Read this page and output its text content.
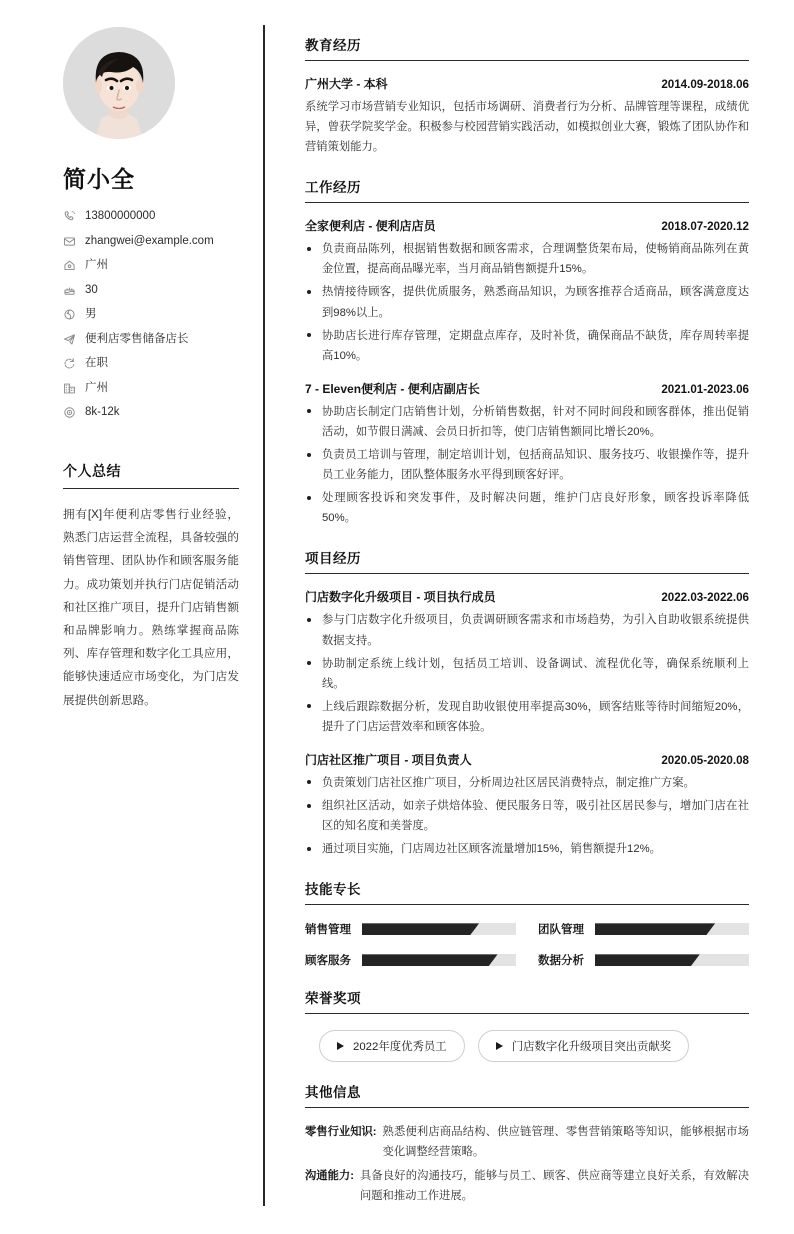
简小全
13800000000
zhangwei@example.com
广州
30
男
便利店零售储备店长
在职
广州
8k-12k
个人总结

拥有[X]年便利店零售行业经验，熟悉门店运营全流程，具备较强的销售管理、团队协作和顾客服务能力。成功策划并执行门店促销活动和社区推广项目，提升门店销售额和品牌影响力。熟练掌握商品陈列、库存管理和数字化工具应用，能够快速适应市场变化，为门店发展提供创新思路。

教育经历
广州大学 - 本科	2014.09-2018.06

系统学习市场营销专业知识，包括市场调研、消费者行为分析、品牌管理等课程，成绩优异，曾获学院奖学金。积极参与校园营销实践活动，如模拟创业大赛，锻炼了团队协作和营销策划能力。

工作经历
全家便利店 - 便利店店员	2018.07-2020.12
负责商品陈列，根据销售数据和顾客需求，合理调整货架布局，使畅销商品陈列在黄金位置，提高商品曝光率，当月商品销售额提升15%。
热情接待顾客，提供优质服务，熟悉商品知识，为顾客推荐合适商品，顾客满意度达到98%以上。
协助店长进行库存管理，定期盘点库存，及时补货，确保商品不缺货，库存周转率提高10%。
7 - Eleven便利店 - 便利店副店长	2021.01-2023.06
协助店长制定门店销售计划，分析销售数据，针对不同时间段和顾客群体，推出促销活动，如节假日满减、会员日折扣等，使门店销售额同比增长20%。
负责员工培训与管理，制定培训计划，包括商品知识、服务技巧、收银操作等，提升员工业务能力，团队整体服务水平得到顾客好评。
处理顾客投诉和突发事件，及时解决问题，维护门店良好形象，顾客投诉率降低50%。
项目经历
门店数字化升级项目 - 项目执行成员	2022.03-2022.06
参与门店数字化升级项目，负责调研顾客需求和市场趋势，为引入自助收银系统提供数据支持。
协助制定系统上线计划，包括员工培训、设备调试、流程优化等，确保系统顺利上线。
上线后跟踪数据分析，发现自助收银使用率提高30%，顾客结账等待时间缩短20%，提升了门店运营效率和顾客体验。
门店社区推广项目 - 项目负责人	2020.05-2020.08
负责策划门店社区推广项目，分析周边社区居民消费特点，制定推广方案。
组织社区活动，如亲子烘焙体验、便民服务日等，吸引社区居民参与，增加门店在社区的知名度和美誉度。
通过项目实施，门店周边社区顾客流量增加15%，销售额提升12%。
技能专长
销售管理	团队管理
顾客服务	数据分析
荣誉奖项
2022年度优秀员工	门店数字化升级项目突出贡献奖
其他信息
零售行业知识: 熟悉便利店商品结构、供应链管理、零售营销策略等知识，能够根据市场变化调整经营策略。
沟通能力: 具备良好的沟通技巧，能够与员工、顾客、供应商等建立良好关系，有效解决问题和推动工作进展。
